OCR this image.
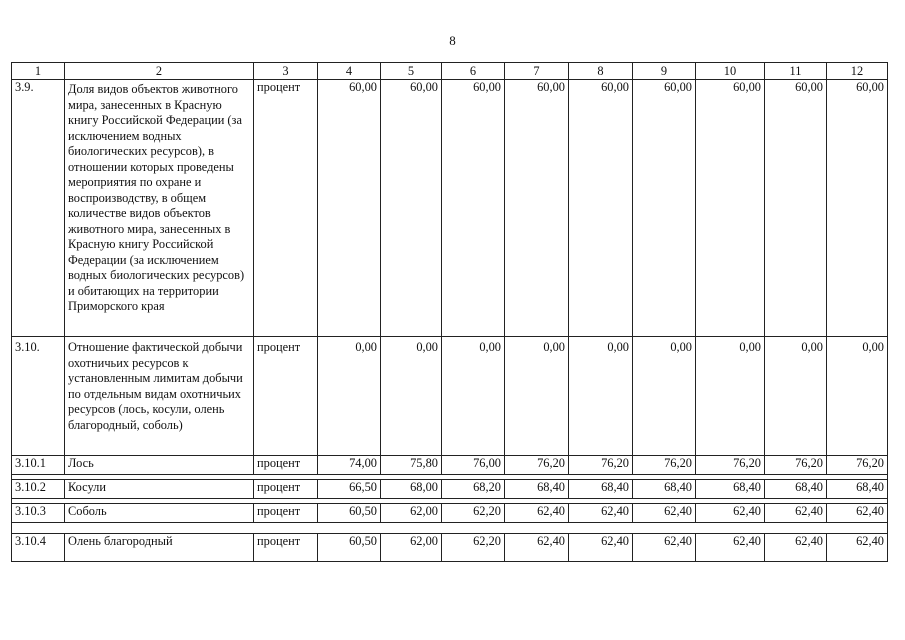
8
1	2	3	4	5	6	7	8	9	10	11	12
3.9.	Доля видов объектов животного мира, занесенных в Красную книгу Российской Федерации (за исключением водных биологических ресурсов), в отношении которых проведены мероприятия по охране и воспроизводству, в общем количестве видов объектов животного мира, занесенных в Красную книгу Российской Федерации (за исключением водных биологических ресурсов) и обитающих на территории Приморского края	процент	60,00	60,00	60,00	60,00	60,00	60,00	60,00	60,00	60,00
3.10.	Отношение фактической добычи охотничьих ресурсов к установленным лимитам добычи по отдельным видам охотничьих ресурсов (лось, косули, олень благородный, соболь)	процент	0,00	0,00	0,00	0,00	0,00	0,00	0,00	0,00	0,00
3.10.1	Лось	процент	74,00	75,80	76,00	76,20	76,20	76,20	76,20	76,20	76,20

3.10.2	Косули	процент	66,50	68,00	68,20	68,40	68,40	68,40	68,40	68,40	68,40

3.10.3	Соболь	процент	60,50	62,00	62,20	62,40	62,40	62,40	62,40	62,40	62,40

3.10.4	Олень благородный	процент	60,50	62,00	62,20	62,40	62,40	62,40	62,40	62,40	62,40
